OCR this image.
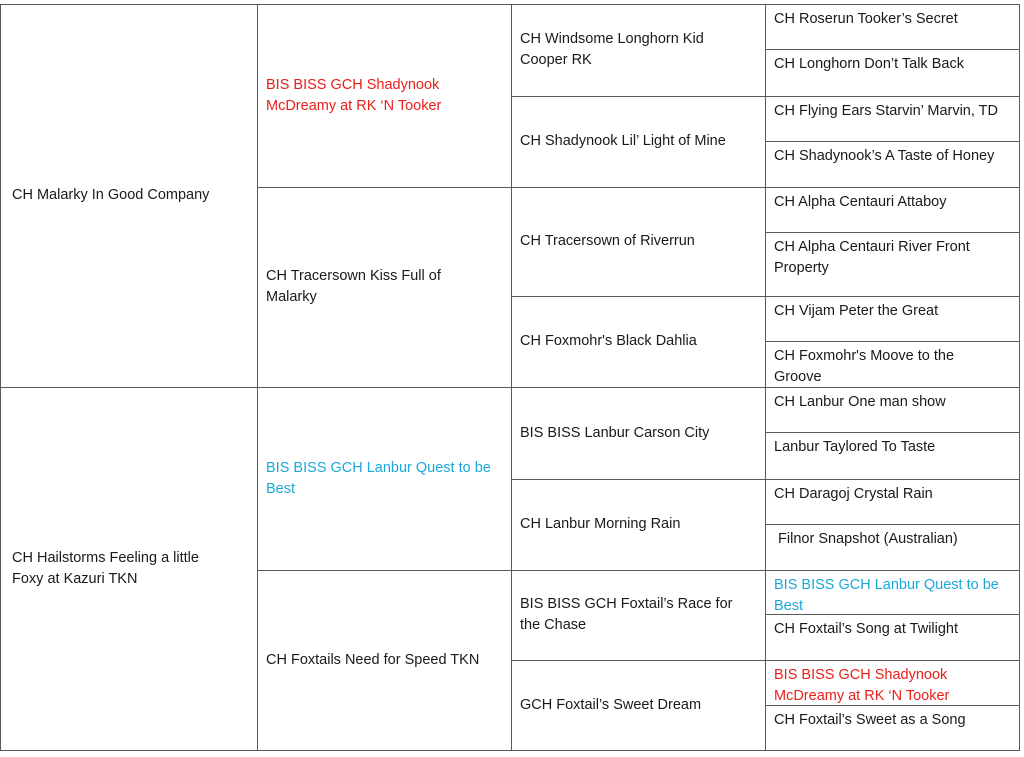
CH Malarky In Good Company
CH Hailstorms Feeling a little Foxy at Kazuri TKN
BIS BISS GCH Shadynook McDreamy at RK ‘N Tooker
CH Tracersown Kiss Full of Malarky
BIS BISS GCH Lanbur Quest to be Best
CH Foxtails Need for Speed TKN
CH Windsome Longhorn Kid Cooper RK
CH Shadynook Lil’ Light of Mine
CH Tracersown of Riverrun
CH Foxmohr's Black Dahlia
BIS BISS Lanbur Carson City
CH Lanbur Morning Rain
BIS BISS GCH Foxtail’s Race for the Chase
GCH Foxtail’s Sweet Dream
CH Roserun Tooker’s Secret
CH Longhorn Don’t Talk Back
CH Flying Ears Starvin’ Marvin, TD
CH Shadynook’s A Taste of Honey
CH Alpha Centauri Attaboy
CH Alpha Centauri River Front Property
CH Vijam Peter the Great
CH Foxmohr's Moove to the Groove
CH Lanbur One man show
Lanbur Taylored To Taste
CH Daragoj Crystal Rain
Filnor Snapshot (Australian)
BIS BISS GCH Lanbur Quest to be Best
CH Foxtail’s Song at Twilight
BIS BISS GCH Shadynook McDreamy at RK ‘N Tooker
CH Foxtail’s Sweet as a Song
